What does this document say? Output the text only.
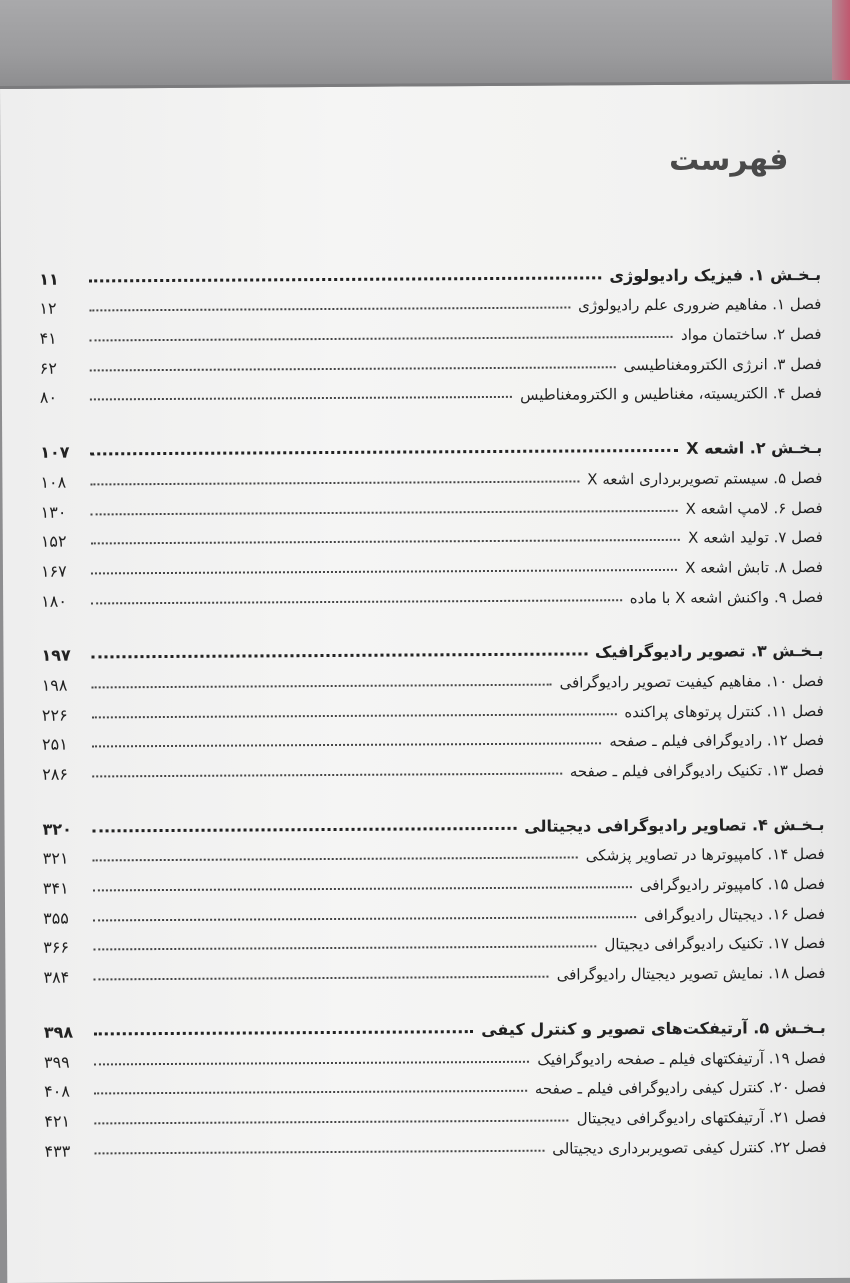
فهرست
بـخـش ۱. فیزیک رادیولوژی
۱۱
فصل ۱. مفاهیم ضروری علم رادیولوژی
۱۲
فصل ۲. ساختمان مواد
۴۱
فصل ۳. انرژی الکترومغناطیسی
۶۲
فصل ۴. الکتریسیته، مغناطیس و الکترومغناطیس
۸۰
بـخـش ۲. اشعه X
۱۰۷
فصل ۵. سیستم تصویربرداری اشعه X
۱۰۸
فصل ۶. لامپ اشعه X
۱۳۰
فصل ۷. تولید اشعه X
۱۵۲
فصل ۸. تابش اشعه X
۱۶۷
فصل ۹. واکنش اشعه X با ماده
۱۸۰
بـخـش ۳. تصویر رادیوگرافیک
۱۹۷
فصل ۱۰. مفاهیم کیفیت تصویر رادیوگرافی
۱۹۸
فصل ۱۱. کنترل پرتوهای پراکنده
۲۲۶
فصل ۱۲. رادیوگرافی فیلم ـ صفحه
۲۵۱
فصل ۱۳. تکنیک رادیوگرافی فیلم ـ صفحه
۲۸۶
بـخـش ۴. تصاویر رادیوگرافی دیجیتالی
۳۲۰
فصل ۱۴. کامپیوترها در تصاویر پزشکی
۳۲۱
فصل ۱۵. کامپیوتر رادیوگرافی
۳۴۱
فصل ۱۶. دیجیتال رادیوگرافی
۳۵۵
فصل ۱۷. تکنیک رادیوگرافی دیجیتال
۳۶۶
فصل ۱۸. نمایش تصویر دیجیتال رادیوگرافی
۳۸۴
بـخـش ۵. آرتیفکت‌های تصویر و کنترل کیفی
۳۹۸
فصل ۱۹. آرتیفکتهای فیلم ـ صفحه رادیوگرافیک
۳۹۹
فصل ۲۰. کنترل کیفی رادیوگرافی فیلم ـ صفحه
۴۰۸
فصل ۲۱. آرتیفکتهای رادیوگرافی دیجیتال
۴۲۱
فصل ۲۲. کنترل کیفی تصویربرداری دیجیتالی
۴۳۳
